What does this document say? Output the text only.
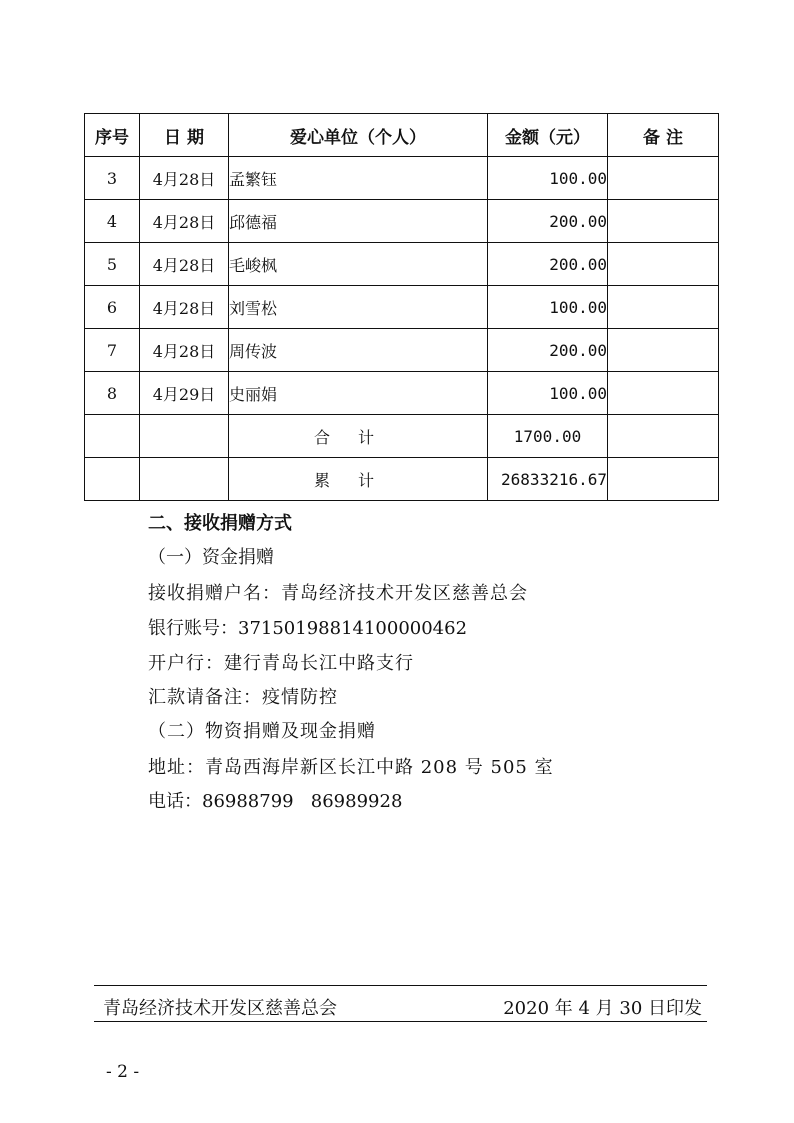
序号	日 期	爱心单位（个人）	金额（元）	备 注
3	4月28日	孟繁钰	100.00	
4	4月28日	邱德福	200.00	
5	4月28日	毛峻枫	200.00	
6	4月28日	刘雪松	100.00	
7	4月28日	周传波	200.00	
8	4月29日	史丽娟	100.00	
		合计	1700.00	
		累计	26833216.67	
二、接收捐赠方式
（一）资金捐赠
接收捐赠户名：青岛经济技术开发区慈善总会
银行账号：37150198814100000462
开户行：建行青岛长江中路支行
汇款请备注：疫情防控
（二）物资捐赠及现金捐赠
地址：青岛西海岸新区长江中路 208 号 505 室
电话：86988799   86989928
青岛经济技术开发区慈善总会	2020 年 4 月 30 日印发
- 2 -
